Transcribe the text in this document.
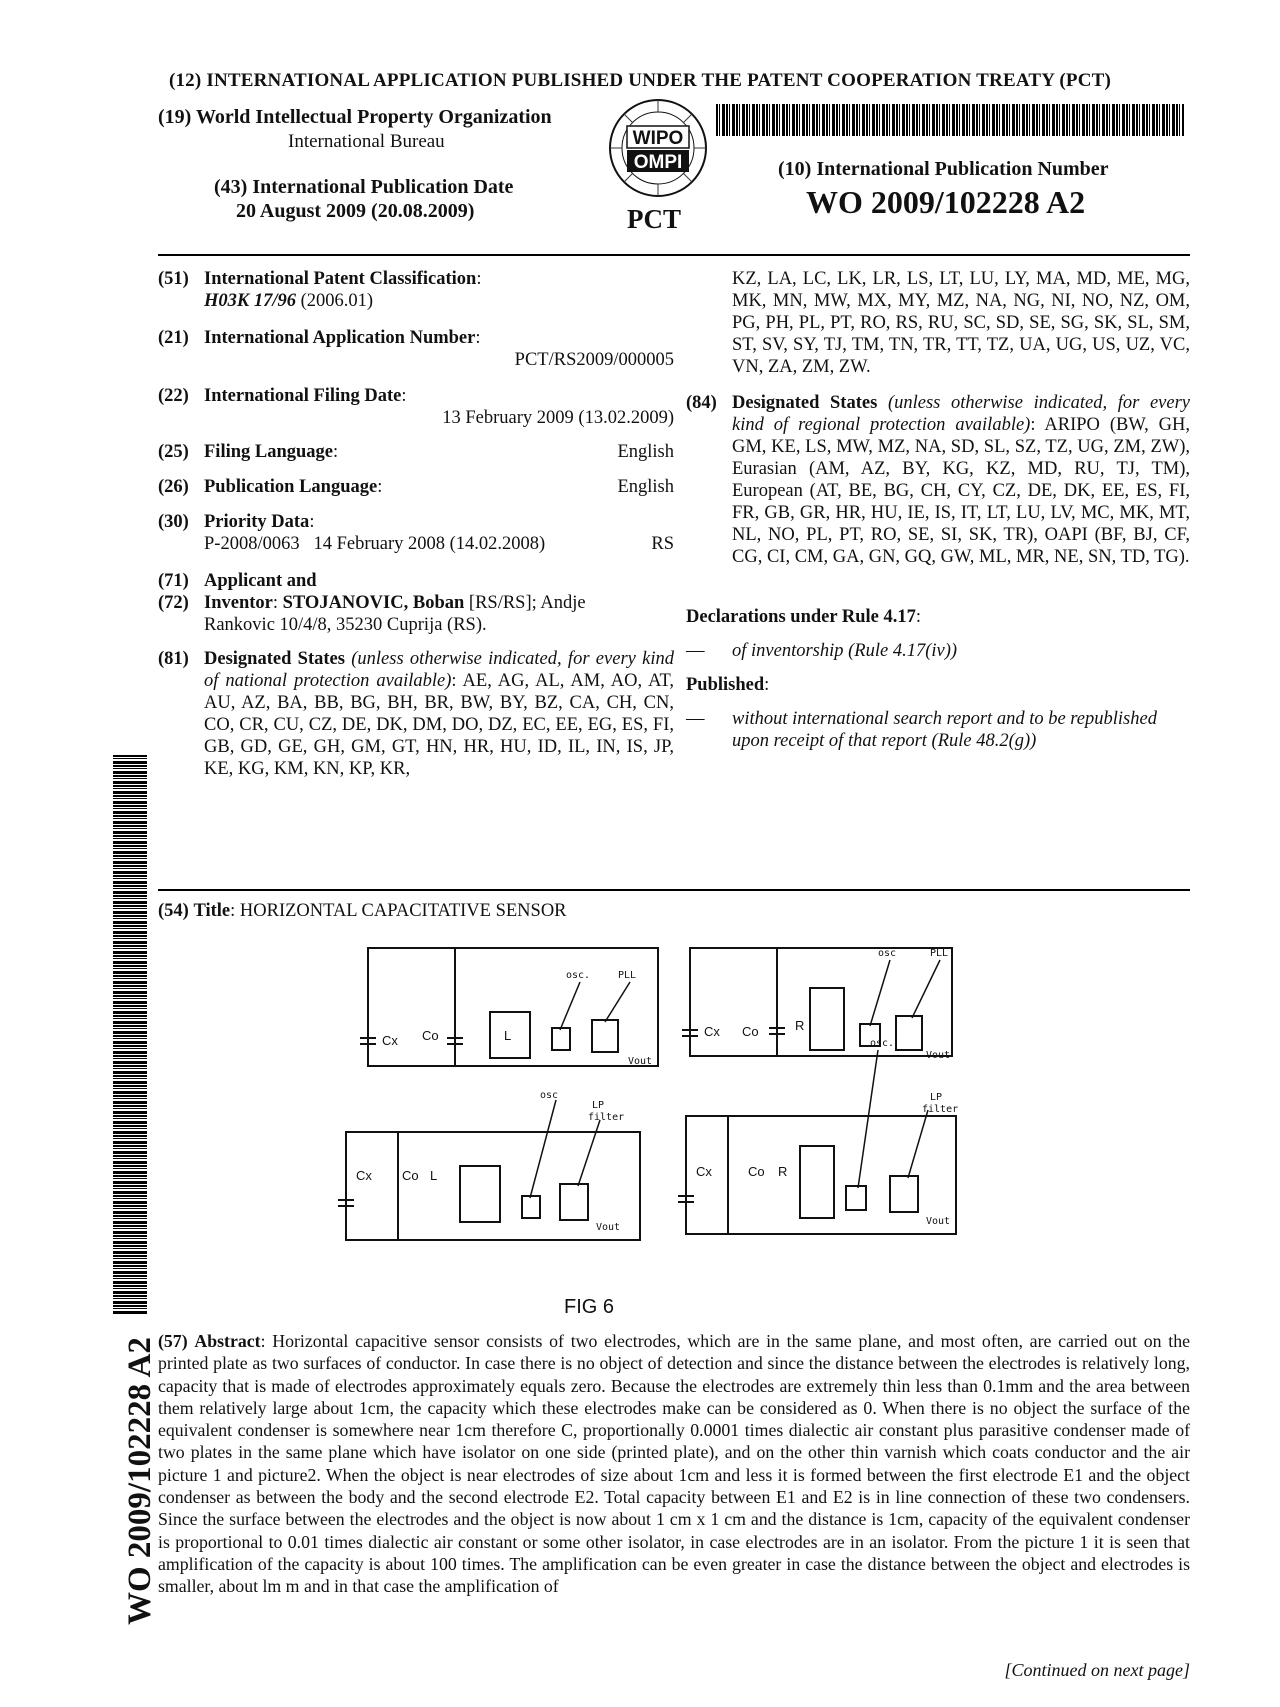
(12) INTERNATIONAL APPLICATION PUBLISHED UNDER THE PATENT COOPERATION TREATY (PCT)
(19) World Intellectual Property Organization
International Bureau
(43) International Publication Date
20 August 2009 (20.08.2009)
WIPO
OMPI
PCT
(10) International Publication Number
WO 2009/102228 A2
(51) International Patent Classification:
H03K 17/96 (2006.01)
(21) International Application Number:
PCT/RS2009/000005
(22) International Filing Date:
13 February 2009 (13.02.2009)
(25) Filing Language:	English
(26) Publication Language:	English
(30) Priority Data:
P-2008/0063 14 February 2008 (14.02.2008)	RS
(71) Applicant and
(72) Inventor: STOJANOVIC, Boban [RS/RS]; Andje
Rankovic 10/4/8, 35230 Cuprija (RS).
(81) Designated States (unless otherwise indicated, for every kind of national protection available): AE, AG, AL, AM, AO, AT, AU, AZ, BA, BB, BG, BH, BR, BW, BY, BZ, CA, CH, CN, CO, CR, CU, CZ, DE, DK, DM, DO, DZ, EC, EE, EG, ES, FI, GB, GD, GE, GH, GM, GT, HN, HR, HU, ID, IL, IN, IS, JP, KE, KG, KM, KN, KP, KR,
KZ, LA, LC, LK, LR, LS, LT, LU, LY, MA, MD, ME, MG, MK, MN, MW, MX, MY, MZ, NA, NG, NI, NO, NZ, OM, PG, PH, PL, PT, RO, RS, RU, SC, SD, SE, SG, SK, SL, SM, ST, SV, SY, TJ, TM, TN, TR, TT, TZ, UA, UG, US, UZ, VC, VN, ZA, ZM, ZW.
(84) Designated States (unless otherwise indicated, for every kind of regional protection available): ARIPO (BW, GH, GM, KE, LS, MW, MZ, NA, SD, SL, SZ, TZ, UG, ZM, ZW), Eurasian (AM, AZ, BY, KG, KZ, MD, RU, TJ, TM), European (AT, BE, BG, CH, CY, CZ, DE, DK, EE, ES, FI, FR, GB, GR, HR, HU, IE, IS, IT, LT, LU, LV, MC, MK, MT, NL, NO, PL, PT, RO, SE, SI, SK, TR), OAPI (BF, BJ, CF, CG, CI, CM, GA, GN, GQ, GW, ML, MR, NE, SN, TD, TG).
Declarations under Rule 4.17:
—	of inventorship (Rule 4.17(iv))
Published:
—	without international search report and to be republished upon receipt of that report (Rule 48.2(g))
WO 2009/102228 A2
(54) Title: HORIZONTAL CAPACITATIVE SENSOR
Cx Co	L
osc.	PLL
Vout
Cx Co	R
osc	PLL
Vout
Cx Co L
osc
LP
filter
Vout
Cx	Co R
osc.
LP
filter
Vout
FIG 6
(57) Abstract: Horizontal capacitive sensor consists of two electrodes, which are in the same plane, and most often, are carried out on the printed plate as two surfaces of conductor. In case there is no object of detection and since the distance between the electrodes is relatively long, capacity that is made of electrodes approximately equals zero. Because the electrodes are extremely thin less than 0.1mm and the area between them relatively large about 1cm, the capacity which these electrodes make can be considered as 0. When there is no object the surface of the equivalent condenser is somewhere near 1cm therefore C, proportionally 0.0001 times dialectic air constant plus parasitive condenser made of two plates in the same plane which have isolator on one side (printed plate), and on the other thin varnish which coats conductor and the air picture 1 and picture2. When the object is near electrodes of size about 1cm and less it is formed between the first electrode E1 and the object condenser as between the body and the second electrode E2. Total capacity between E1 and E2 is in line connection of these two condensers. Since the surface between the electrodes and the object is now about 1 cm x 1 cm and the distance is 1cm, capacity of the equivalent condenser is proportional to 0.01 times dialectic air constant or some other isolator, in case electrodes are in an isolator. From the picture 1 it is seen that amplification of the capacity is about 100 times. The amplification can be even greater in case the distance between the object and electrodes is smaller, about lm m and in that case the amplification of
[Continued on next page]
